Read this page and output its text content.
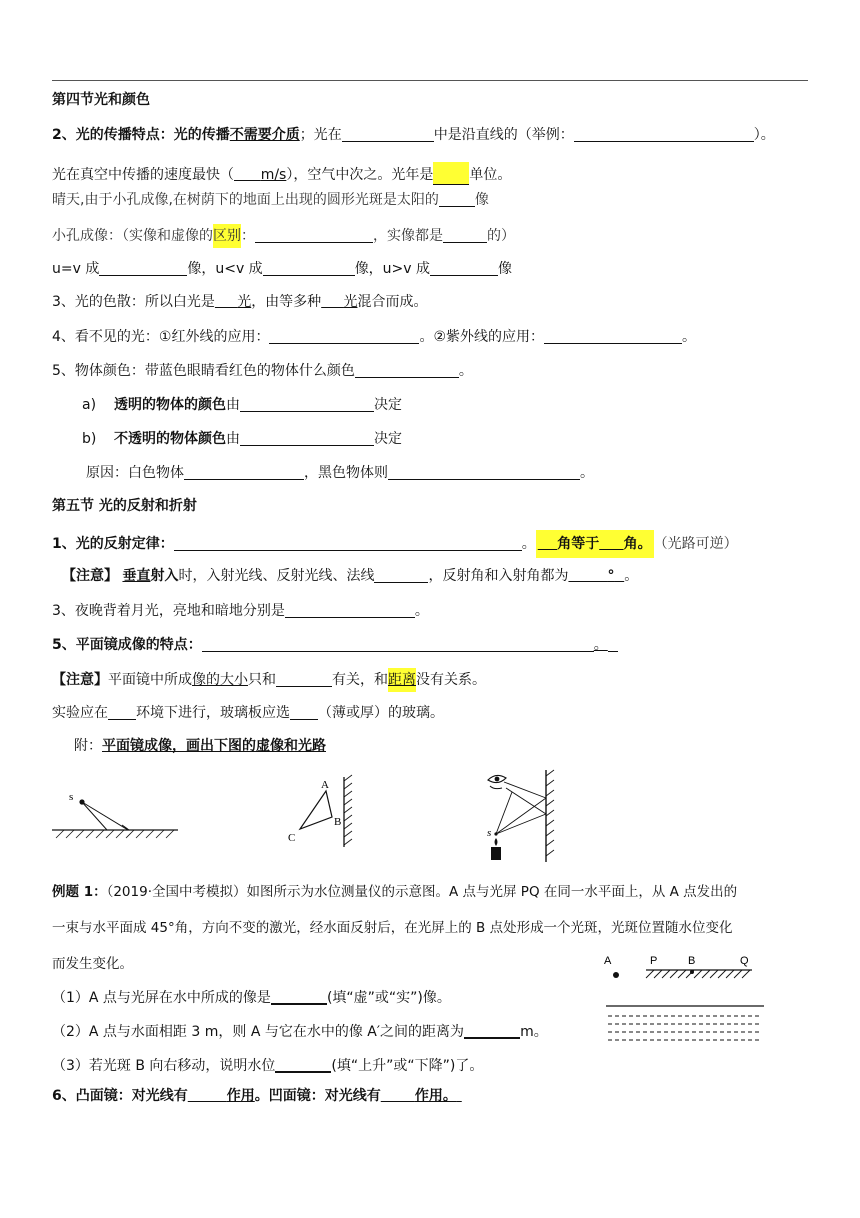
第四节光和颜色
2、光的传播特点：光的传播不需要介质；光在	中是沿直线的（举例：	）。
光在真空中传播的速度最快（ m/s），空气中次之。光年是	单位。
晴天,由于小孔成像,在树荫下的地面上出现的圆形光斑是太阳的	像
小孔成像：（实像和虚像的区别：	，实像都是	的）
u=v 成	像，u<v 成	像，u>v 成	像
3、光的色散：所以白光是 光，由等多种 光混合而成。
4、看不见的光：①红外线的应用：	。②紫外线的应用：	。
5、物体颜色：带蓝色眼睛看红色的物体什么颜色	。
a) 透明的物体的颜色由	决定
b) 不透明的物体颜色由	决定
原因：白色物体	，黑色物体则	。
第五节 光的反射和折射
1、光的反射定律：	。 角等于 角。 （光路可逆）
【注意】 垂直射入时，入射光线、反射光线、法线	，反射角和入射角都为	° 。
3、夜晚背着月光，亮地和暗地分别是	。
5、平面镜成像的特点：	。
【注意】平面镜中所成像的大小只和	有关，和距离没有关系。
实验应在 环境下进行，玻璃板应选 （薄或厚）的玻璃。
附：平面镜成像，画出下图的虚像和光路
s
A
B
C	s
例题 1：（2019·全国中考模拟）如图所示为水位测量仪的示意图。A 点与光屏 PQ 在同一水平面上，从 A 点发出的
一束与水平面成 45°角，方向不变的激光，经水面反射后，在光屏上的 B 点处形成一个光斑，光斑位置随水位变化
而发生变化。
（1）A 点与光屏在水中所成的像是	(填“虚”或“实”)像。
（2）A 点与水面相距 3 m，则 A 与它在水中的像 A′之间的距离为	m。
（3）若光斑 B 向右移动，说明水位	(填“上升”或“下降”)了。
A	P	B	Q
6、凸面镜：对光线有	作用。凹面镜：对光线有 作用。
